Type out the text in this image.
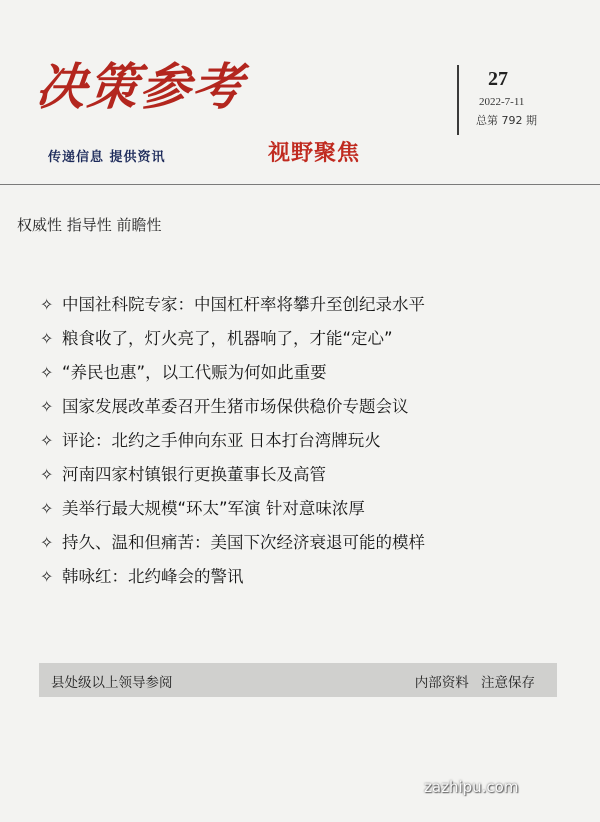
决策参考
传递信息 提供资讯	视野聚焦
27
2022-7-11
总第 792 期
权威性 指导性 前瞻性
✧ 中国社科院专家：中国杠杆率将攀升至创纪录水平
✧ 粮食收了，灯火亮了，机器响了，才能“定心”
✧ “养民也惠”，以工代赈为何如此重要
✧ 国家发展改革委召开生猪市场保供稳价专题会议
✧ 评论：北约之手伸向东亚 日本打台湾牌玩火
✧ 河南四家村镇银行更换董事长及高管
✧ 美举行最大规模“环太”军演 针对意味浓厚
✧ 持久、温和但痛苦：美国下次经济衰退可能的模样
✧ 韩咏红：北约峰会的警讯
县处级以上领导参阅	内部资料 注意保存
zazhipu.com
